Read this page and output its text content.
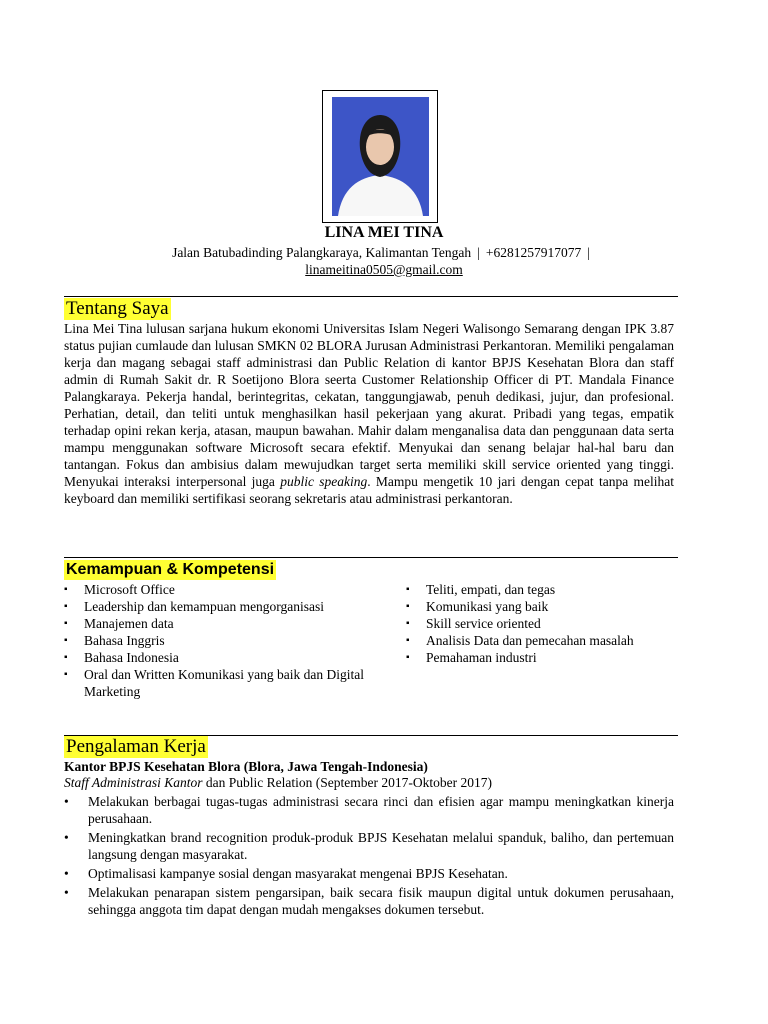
LINA MEI TINA
Jalan Batubadinding Palangkaraya, Kalimantan Tengah | +6281257917077 |
linameitina0505@gmail.com
Tentang Saya
Lina Mei Tina lulusan sarjana hukum ekonomi Universitas Islam Negeri Walisongo Semarang dengan IPK 3.87 status pujian cumlaude dan lulusan SMKN 02 BLORA Jurusan Administrasi Perkantoran. Memiliki pengalaman kerja dan magang sebagai staff administrasi dan Public Relation di kantor BPJS Kesehatan Blora dan staff admin di Rumah Sakit dr. R Soetijono Blora seerta Customer Relationship Officer di PT. Mandala Finance Palangkaraya. Pekerja handal, berintegritas, cekatan, tanggungjawab, penuh dedikasi, jujur, dan profesional. Perhatian, detail, dan teliti untuk menghasilkan hasil pekerjaan yang akurat. Pribadi yang tegas, empatik terhadap opini rekan kerja, atasan, maupun bawahan. Mahir dalam menganalisa data dan penggunaan data serta mampu menggunakan software Microsoft secara efektif. Menyukai dan senang belajar hal-hal baru dan tantangan. Fokus dan ambisius dalam mewujudkan target serta memiliki skill service oriented yang tinggi. Menyukai interaksi interpersonal juga public speaking. Mampu mengetik 10 jari dengan cepat tanpa melihat keyboard dan memiliki sertifikasi seorang sekretaris atau administrasi perkantoran.
Kemampuan & Kompetensi
▪ Microsoft Office
▪ Leadership dan kemampuan mengorganisasi
▪ Manajemen data
▪ Bahasa Inggris
▪ Bahasa Indonesia
▪ Oral dan Written Komunikasi yang baik dan Digital Marketing
▪ Teliti, empati, dan tegas
▪ Komunikasi yang baik
▪ Skill service oriented
▪ Analisis Data dan pemecahan masalah
▪ Pemahaman industri
Pengalaman Kerja
Kantor BPJS Kesehatan Blora (Blora, Jawa Tengah-Indonesia)
Staff Administrasi Kantor dan Public Relation (September 2017-Oktober 2017)
• Melakukan berbagai tugas-tugas administrasi secara rinci dan efisien agar mampu meningkatkan kinerja perusahaan.
• Meningkatkan brand recognition produk-produk BPJS Kesehatan melalui spanduk, baliho, dan pertemuan langsung dengan masyarakat.
• Optimalisasi kampanye sosial dengan masyarakat mengenai BPJS Kesehatan.
• Melakukan penarapan sistem pengarsipan, baik secara fisik maupun digital untuk dokumen perusahaan, sehingga anggota tim dapat dengan mudah mengakses dokumen tersebut.
